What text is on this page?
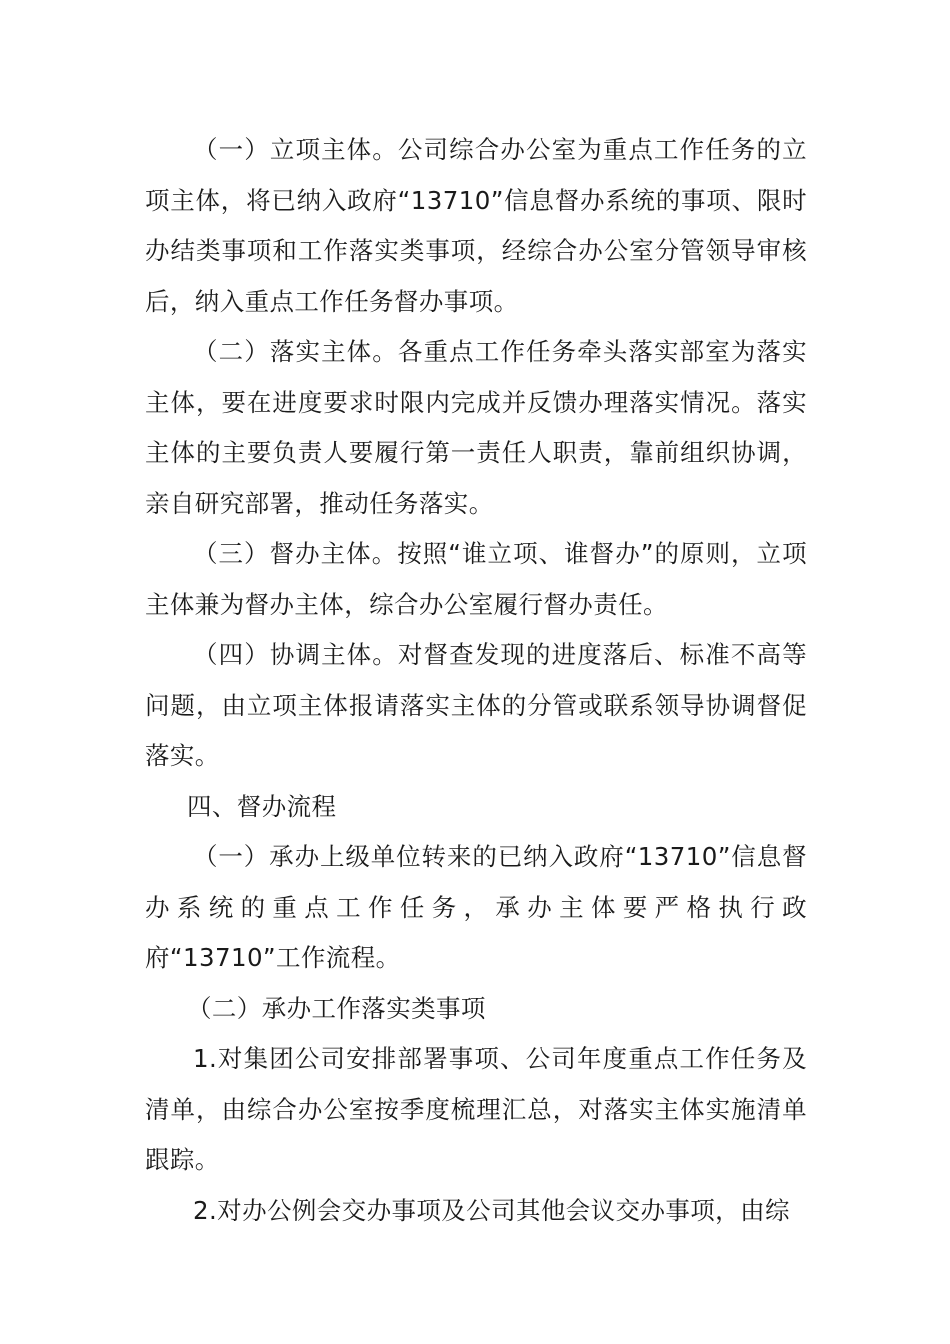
（一）立项主体。公司综合办公室为重点工作任务的立项主体，将已纳入政府“13710”信息督办系统的事项、限时办结类事项和工作落实类事项，经综合办公室分管领导审核后，纳入重点工作任务督办事项。

（二）落实主体。各重点工作任务牵头落实部室为落实主体，要在进度要求时限内完成并反馈办理落实情况。落实主体的主要负责人要履行第一责任人职责，靠前组织协调，亲自研究部署，推动任务落实。

（三）督办主体。按照“谁立项、谁督办”的原则，立项主体兼为督办主体，综合办公室履行督办责任。

（四）协调主体。对督查发现的进度落后、标准不高等问题，由立项主体报请落实主体的分管或联系领导协调督促落实。

四、督办流程

（一）承办上级单位转来的已纳入政府“13710”信息督办系统的重点工作任务，承办主体要严格执行政府“13710”工作流程。

（二）承办工作落实类事项

1.对集团公司安排部署事项、公司年度重点工作任务及清单，由综合办公室按季度梳理汇总，对落实主体实施清单跟踪。

2.对办公例会交办事项及公司其他会议交办事项，由综
